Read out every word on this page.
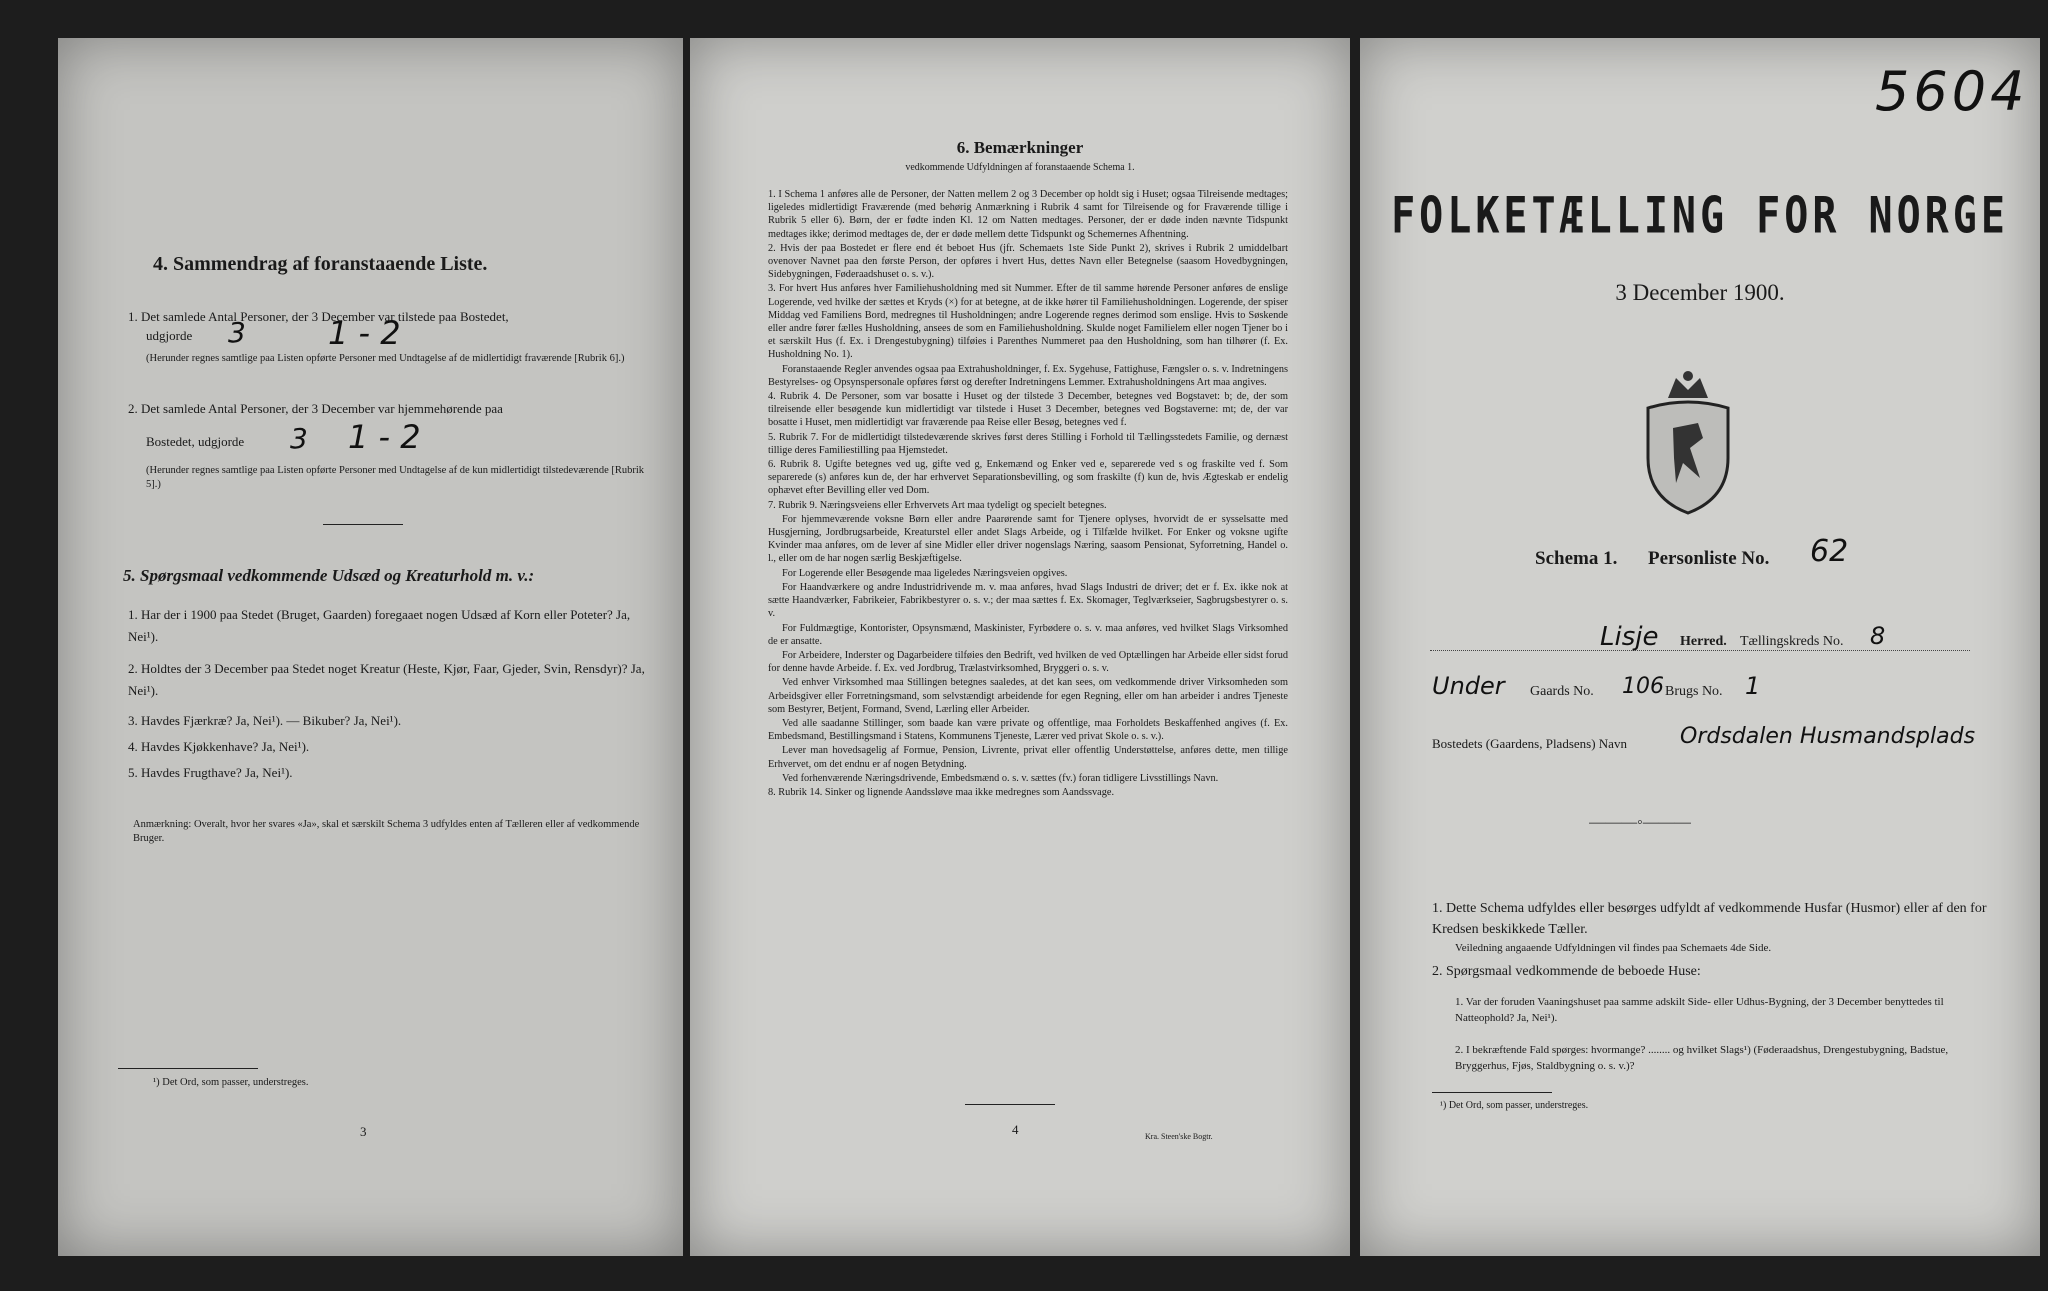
4. Sammendrag af foranstaaende Liste.
1. Det samlede Antal Personer, der 3 December var tilstede paa Bostedet,
udgjorde 3	1 - 2
(Herunder regnes samtlige paa Listen opførte Personer med Undtagelse af de midlertidigt fraværende [Rubrik 6].)
2. Det samlede Antal Personer, der 3 December var hjemmehørende paa
Bostedet, udgjorde 3 1 - 2
(Herunder regnes samtlige paa Listen opførte Personer med Undtagelse af de kun midlertidigt tilstedeværende [Rubrik 5].)
5. Spørgsmaal vedkommende Udsæd og Kreaturhold m. v.:
1. Har der i 1900 paa Stedet (Bruget, Gaarden) foregaaet nogen Udsæd af Korn eller Poteter? Ja, Nei¹).
2. Holdtes der 3 December paa Stedet noget Kreatur (Heste, Kjør, Faar, Gjeder, Svin, Rensdyr)? Ja, Nei¹).
3. Havdes Fjærkræ? Ja, Nei¹). — Bikuber? Ja, Nei¹).
4. Havdes Kjøkkenhave? Ja, Nei¹).
5. Havdes Frugthave? Ja, Nei¹).
Anmærkning: Overalt, hvor her svares «Ja», skal et særskilt Schema 3 udfyldes enten af Tælleren eller af vedkommende Bruger.
¹) Det Ord, som passer, understreges.
3
6. Bemærkninger
vedkommende Udfyldningen af foranstaaende Schema 1.
1. I Schema 1 anføres alle de Personer, der Natten mellem 2 og 3 December op holdt sig i Huset; ogsaa Tilreisende medtages; ligeledes midlertidigt Fraværende (med behørig Anmærkning i Rubrik 4 samt for Tilreisende og for Fraværende tillige i Rubrik 5 eller 6). Børn, der er fødte inden Kl. 12 om Natten medtages. Personer, der er døde inden nævnte Tidspunkt medtages ikke; derimod medtages de, der er døde mellem dette Tidspunkt og Schemernes Afhentning.
2. Hvis der paa Bostedet er flere end ét beboet Hus (jfr. Schemaets 1ste Side Punkt 2), skrives i Rubrik 2 umiddelbart ovenover Navnet paa den første Person, der opføres i hvert Hus, dettes Navn eller Betegnelse (saasom Hovedbygningen, Sidebygningen, Føderaadshuset o. s. v.).
3. For hvert Hus anføres hver Familiehusholdning med sit Nummer. Efter de til samme hørende Personer anføres de enslige Logerende, ved hvilke der sættes et Kryds (×) for at betegne, at de ikke hører til Familiehusholdningen. Logerende, der spiser Middag ved Familiens Bord, medregnes til Husholdningen; andre Logerende regnes derimod som enslige. Hvis to Søskende eller andre fører fælles Husholdning, ansees de som en Familiehusholdning. Skulde noget Familielem eller nogen Tjener bo i et særskilt Hus (f. Ex. i Drengestubygning) tilføies i Parenthes Nummeret paa den Husholdning, som han tilhører (f. Ex. Husholdning No. 1).
Foranstaaende Regler anvendes ogsaa paa Extrahusholdninger, f. Ex. Sygehuse, Fattighuse, Fængsler o. s. v. Indretningens Bestyrelses- og Opsynspersonale opføres først og derefter Indretningens Lemmer. Extrahusholdningens Art maa angives.
4. Rubrik 4. De Personer, som var bosatte i Huset og der tilstede 3 December, betegnes ved Bogstavet: b; de, der som tilreisende eller besøgende kun midlertidigt var tilstede i Huset 3 December, betegnes ved Bogstaverne: mt; de, der var bosatte i Huset, men midlertidigt var fraværende paa Reise eller Besøg, betegnes ved f.
5. Rubrik 7. For de midlertidigt tilstedeværende skrives først deres Stilling i Forhold til Tællingsstedets Familie, og dernæst tillige deres Familiestilling paa Hjemstedet.
6. Rubrik 8. Ugifte betegnes ved ug, gifte ved g, Enkemænd og Enker ved e, separerede ved s og fraskilte ved f. Som separerede (s) anføres kun de, der har erhvervet Separationsbevilling, og som fraskilte (f) kun de, hvis Ægteskab er endelig ophævet efter Bevilling eller ved Dom.
7. Rubrik 9. Næringsveiens eller Erhvervets Art maa tydeligt og specielt betegnes.
For hjemmeværende voksne Børn eller andre Paarørende samt for Tjenere oplyses, hvorvidt de er sysselsatte med Husgjerning, Jordbrugsarbeide, Kreaturstel eller andet Slags Arbeide, og i Tilfælde hvilket. For Enker og voksne ugifte Kvinder maa anføres, om de lever af sine Midler eller driver nogenslags Næring, saasom Pensionat, Syforretning, Handel o. l., eller om de har nogen særlig Beskjæftigelse.
For Logerende eller Besøgende maa ligeledes Næringsveien opgives.
For Haandværkere og andre Industridrivende m. v. maa anføres, hvad Slags Industri de driver; det er f. Ex. ikke nok at sætte Haandværker, Fabrikeier, Fabrikbestyrer o. s. v.; der maa sættes f. Ex. Skomager, Teglværkseier, Sagbrugsbestyrer o. s. v.
For Fuldmægtige, Kontorister, Opsynsmænd, Maskinister, Fyrbødere o. s. v. maa anføres, ved hvilket Slags Virksomhed de er ansatte.
For Arbeidere, Inderster og Dagarbeidere tilføies den Bedrift, ved hvilken de ved Optællingen har Arbeide eller sidst forud for denne havde Arbeide. f. Ex. ved Jordbrug, Trælastvirksomhed, Bryggeri o. s. v.
Ved enhver Virksomhed maa Stillingen betegnes saaledes, at det kan sees, om vedkommende driver Virksomheden som Arbeidsgiver eller Forretningsmand, som selvstændigt arbeidende for egen Regning, eller om han arbeider i andres Tjeneste som Bestyrer, Betjent, Formand, Svend, Lærling eller Arbeider.
Ved alle saadanne Stillinger, som baade kan være private og offentlige, maa Forholdets Beskaffenhed angives (f. Ex. Embedsmand, Bestillingsmand i Statens, Kommunens Tjeneste, Lærer ved privat Skole o. s. v.).
Lever man hovedsagelig af Formue, Pension, Livrente, privat eller offentlig Understøttelse, anføres dette, men tillige Erhvervet, om det endnu er af nogen Betydning.
Ved forhenværende Næringsdrivende, Embedsmænd o. s. v. sættes (fv.) foran tidligere Livsstillings Navn.
8. Rubrik 14. Sinker og lignende Aandssløve maa ikke medregnes som Aandssvage.
4	Kra. Steen'ske Bogtr.
5604
FOLKETÆLLING FOR NORGE
3 December 1900.
Schema 1. Personliste No. 62
Lisje Herred. Tællingskreds No. 8
Under Gaards No. 106 Brugs No. 1
Bostedets (Gaardens, Pladsens) Navn Ordsdalen Husmandsplads
———◦———
1. Dette Schema udfyldes eller besørges udfyldt af vedkommende Husfar (Husmor) eller af den for Kredsen beskikkede Tæller.
Veiledning angaaende Udfyldningen vil findes paa Schemaets 4de Side.
2. Spørgsmaal vedkommende de beboede Huse:
1. Var der foruden Vaaningshuset paa samme adskilt Side- eller Udhus-Bygning, der 3 December benyttedes til Natteophold? Ja, Nei¹).
2. I bekræftende Fald spørges: hvormange? ........ og hvilket Slags¹) (Føderaadshus, Drengestubygning, Badstue, Bryggerhus, Fjøs, Staldbygning o. s. v.)?
¹) Det Ord, som passer, understreges.
